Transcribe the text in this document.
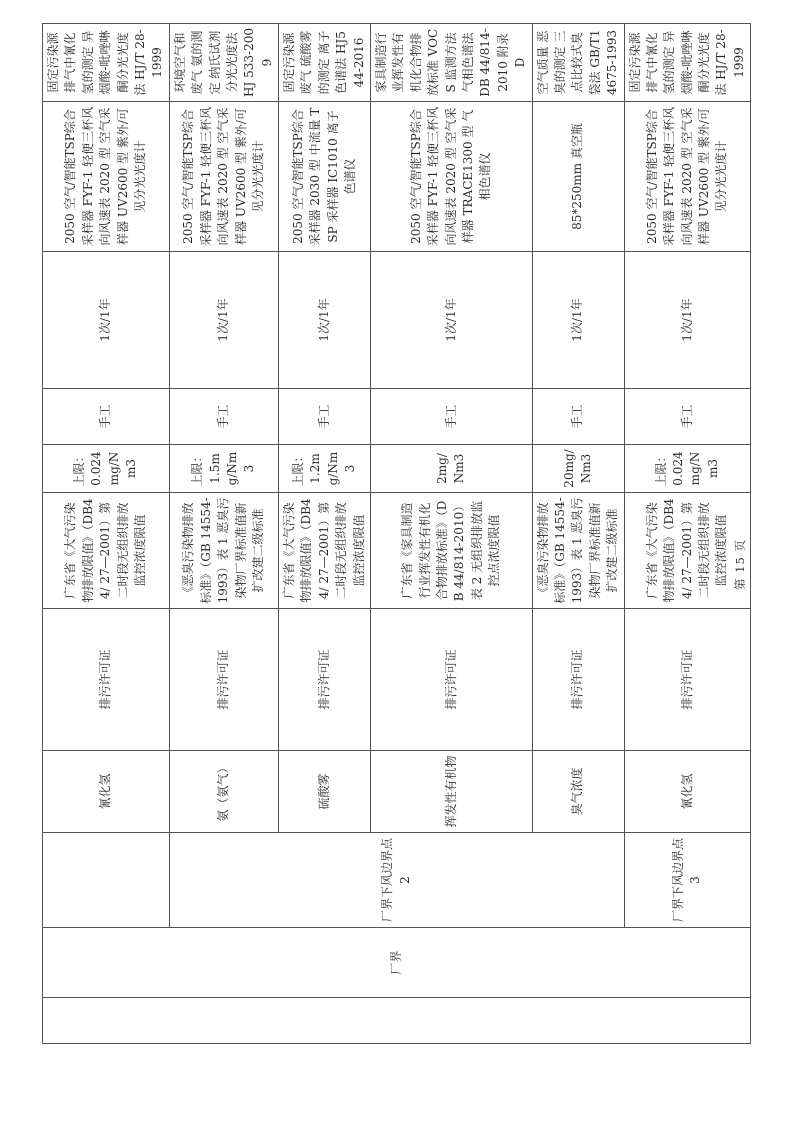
	厂界		氰化氢	排污许可证	广东省《大气污染物排放限值》（DB44/ 27—2001）第二时段无组织排放监控浓度限值	上限：0.024mg/Nm3	手工	1次/1年	2050 空气/智能TSP综合采样器 FYF-1 轻便三杯风向风速表 2020 型 空气采样器 UV2600 型 紫外/可见分光光度计	固定污染源排气中氰化氢的测定 异烟酸-吡唑啉酮分光光度法 HJ/T 28-1999	
		厂界下风边界点 2	氨（氨气）	排污许可证	《恶臭污染物排放标准》（GB 14554-1993）表 1 恶臭污染物厂界标准值新扩改建二级标准	上限：1.5mg/Nm3	手工	1次/1年	2050 空气/智能TSP综合采样器 FYF-1 轻便三杯风向风速表 2020 型 空气采样器 UV2600 型 紫外/可见分光光度计	环境空气和废气 氨的测定 纳氏试剂分光光度法 HJ 533-2009	
			硫酸雾	排污许可证	广东省《大气污染物排放限值》（DB44/ 27—2001）第二时段无组织排放监控浓度限值	上限：1.2mg/Nm3	手工	1次/1年	2050 空气/智能TSP综合采样器 2030 型 中流量 TSP 采样器 IC1010 离子色谱仪	固定污染源废气 硫酸雾的测定 离子色谱法 HJ544-2016	
			挥发性有机物	排污许可证	广东省《家具制造行业挥发性有机化合物排放标准》（DB 44/814-2010）表 2 无组织排放监控点浓度限值	2mg/Nm3	手工	1次/1年	2050 空气/智能TSP综合采样器 FYF-1 轻便三杯风向风速表 2020 型 空气采样器 TRACE1300 型 气相色谱仪	家具制造行业挥发性有机化合物排放标准 VOCS 监测方法 气相色谱法 DB 44/814-2010 附录 D	
			臭气浓度	排污许可证	《恶臭污染物排放标准》（GB 14554-1993）表 1 恶臭污染物厂界标准值新扩改建二级标准	20mg/Nm3	手工	1次/1年	85*250mm 真空瓶	空气质量 恶臭的测定 三点比较式臭袋法 GB/T14675-1993	
		厂界下风边界点 3	氰化氢	排污许可证	广东省《大气污染物排放限值》（DB44/ 27—2001）第二时段无组织排放监控浓度限值	上限：0.024mg/Nm3	手工	1次/1年	2050 空气/智能TSP综合采样器 FYF-1 轻便三杯风向风速表 2020 型 空气采样器 UV2600 型 紫外/可见分光光度计	固定污染源排气中氰化氢的测定 异烟酸-吡唑啉酮分光光度法 HJ/T 28-1999	
第 15 页
